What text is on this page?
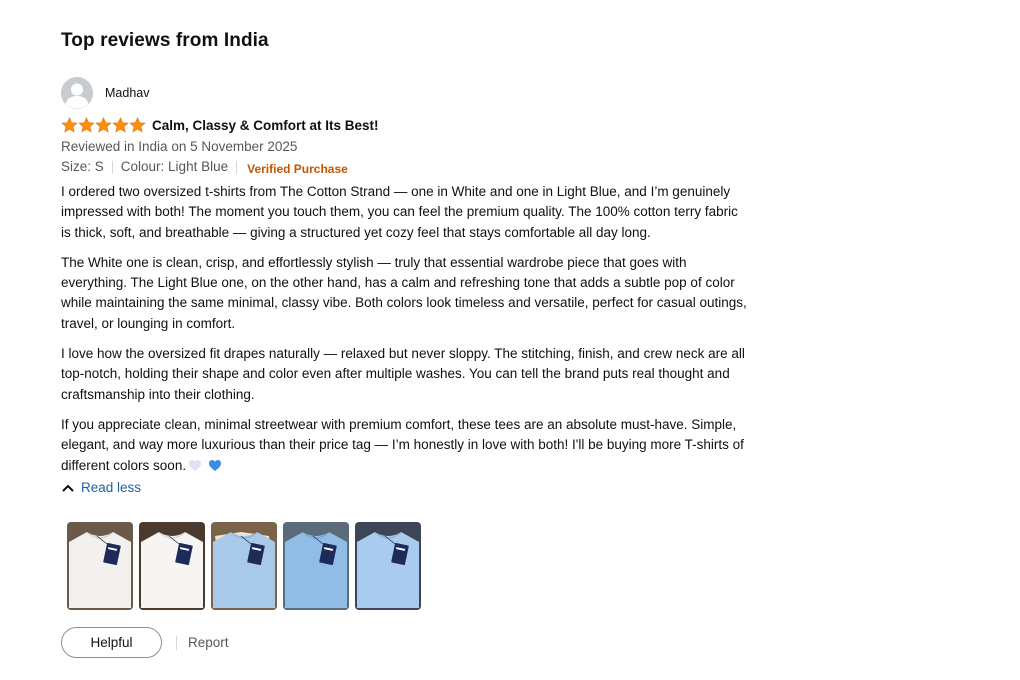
Top reviews from India
Madhav
Calm, Classy & Comfort at Its Best!
Reviewed in India on 5 November 2025
Size: S Colour: Light Blue Verified Purchase

I ordered two oversized t-shirts from The Cotton Strand — one in White and one in Light Blue, and I’m genuinely impressed with both! The moment you touch them, you can feel the premium quality. The 100% cotton terry fabric is thick, soft, and breathable — giving a structured yet cozy feel that stays comfortable all day long.

The White one is clean, crisp, and effortlessly stylish — truly that essential wardrobe piece that goes with everything. The Light Blue one, on the other hand, has a calm and refreshing tone that adds a subtle pop of color while maintaining the same minimal, classy vibe. Both colors look timeless and versatile, perfect for casual outings, travel, or lounging in comfort.

I love how the oversized fit drapes naturally — relaxed but never sloppy. The stitching, finish, and crew neck are all top-notch, holding their shape and color even after multiple washes. You can tell the brand puts real thought and craftsmanship into their clothing.

If you appreciate clean, minimal streetwear with premium comfort, these tees are an absolute must-have. Simple, elegant, and way more luxurious than their price tag — I’m honestly in love with both! I'll be buying more T-shirts of different colors soon.

Read less
Helpful	Report
